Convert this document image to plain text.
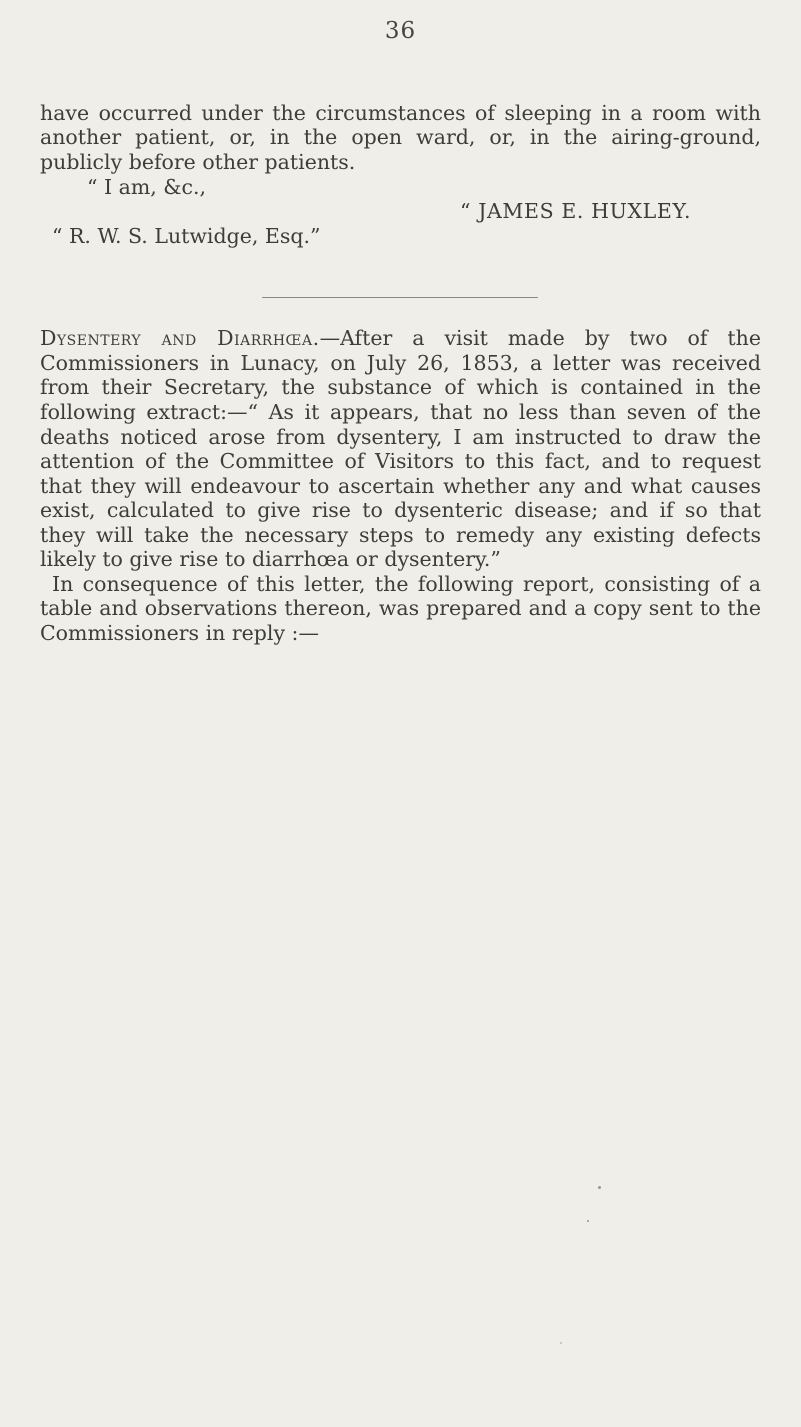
36
have occurred under the circumstances of sleeping in a room with
another patient, or, in the open ward, or, in the airing-ground,
publicly before other patients.
“ I am, &c.,
“ JAMES E. HUXLEY.
“ R. W. S. Lutwidge, Esq.”
Dysentery and Diarrhœa.—After a visit made by two of the
Commissioners in Lunacy, on July 26, 1853, a letter was received
from their Secretary, the substance of which is contained in the
following extract:—“ As it appears, that no less than seven of the
deaths noticed arose from dysentery, I am instructed to draw the
attention of the Committee of Visitors to this fact, and to request
that they will endeavour to ascertain whether any and what causes
exist, calculated to give rise to dysenteric disease; and if so that
they will take the necessary steps to remedy any existing defects
likely to give rise to diarrhœa or dysentery.”
In consequence of this letter, the following report, consisting of a
table and observations thereon, was prepared and a copy sent to the
Commissioners in reply :—
